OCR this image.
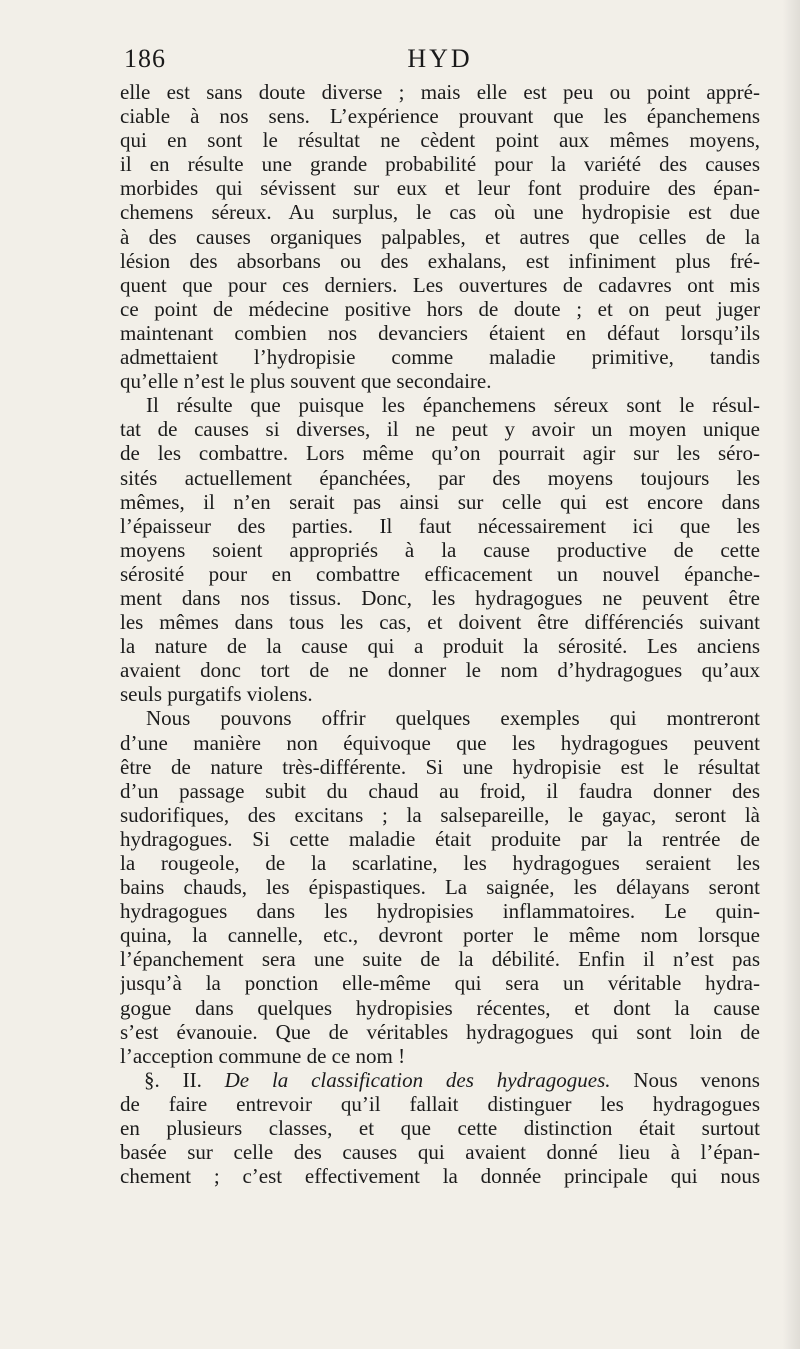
186	HYD
elle est sans doute diverse ; mais elle est peu ou point appré-
ciable à nos sens. L’expérience prouvant que les épanchemens
qui en sont le résultat ne cèdent point aux mêmes moyens,
il en résulte une grande probabilité pour la variété des causes
morbides qui sévissent sur eux et leur font produire des épan-
chemens séreux. Au surplus, le cas où une hydropisie est due
à des causes organiques palpables, et autres que celles de la
lésion des absorbans ou des exhalans, est infiniment plus fré-
quent que pour ces derniers. Les ouvertures de cadavres ont mis
ce point de médecine positive hors de doute ; et on peut juger
maintenant combien nos devanciers étaient en défaut lorsqu’ils
admettaient l’hydropisie comme maladie primitive, tandis
qu’elle n’est le plus souvent que secondaire.
Il résulte que puisque les épanchemens séreux sont le résul-
tat de causes si diverses, il ne peut y avoir un moyen unique
de les combattre. Lors même qu’on pourrait agir sur les séro-
sités actuellement épanchées, par des moyens toujours les
mêmes, il n’en serait pas ainsi sur celle qui est encore dans
l’épaisseur des parties. Il faut nécessairement ici que les
moyens soient appropriés à la cause productive de cette
sérosité pour en combattre efficacement un nouvel épanche-
ment dans nos tissus. Donc, les hydragogues ne peuvent être
les mêmes dans tous les cas, et doivent être différenciés suivant
la nature de la cause qui a produit la sérosité. Les anciens
avaient donc tort de ne donner le nom d’hydragogues qu’aux
seuls purgatifs violens.
Nous pouvons offrir quelques exemples qui montreront
d’une manière non équivoque que les hydragogues peuvent
être de nature très-différente. Si une hydropisie est le résultat
d’un passage subit du chaud au froid, il faudra donner des
sudorifiques, des excitans ; la salsepareille, le gayac, seront là
hydragogues. Si cette maladie était produite par la rentrée de
la rougeole, de la scarlatine, les hydragogues seraient les
bains chauds, les épispastiques. La saignée, les délayans seront
hydragogues dans les hydropisies inflammatoires. Le quin-
quina, la cannelle, etc., devront porter le même nom lorsque
l’épanchement sera une suite de la débilité. Enfin il n’est pas
jusqu’à la ponction elle-même qui sera un véritable hydra-
gogue dans quelques hydropisies récentes, et dont la cause
s’est évanouie. Que de véritables hydragogues qui sont loin de
l’acception commune de ce nom !
§. II. De la classification des hydragogues. Nous venons
de faire entrevoir qu’il fallait distinguer les hydragogues
en plusieurs classes, et que cette distinction était surtout
basée sur celle des causes qui avaient donné lieu à l’épan-
chement ; c’est effectivement la donnée principale qui nous
